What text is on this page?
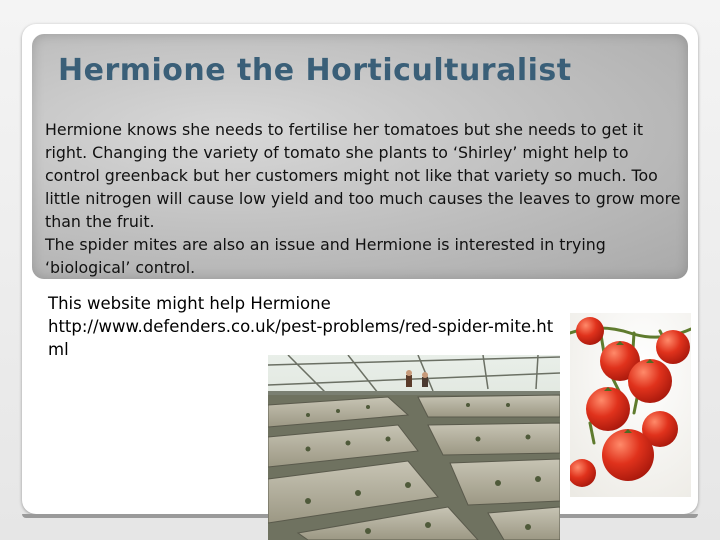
Hermione the Horticulturalist

Hermione knows she needs to fertilise her tomatoes but she needs to get it right. Changing the variety of tomato she plants to ‘Shirley’ might help to control greenback but her customers might not like that variety so much. Too little nitrogen will cause low yield and too much causes the leaves to grow more than the fruit.

The spider mites are also an issue and Hermione is interested in trying ‘biological’ control.

This website might help Hermione
http://www.defenders.co.uk/pest-problems/red-spider-mite.html
